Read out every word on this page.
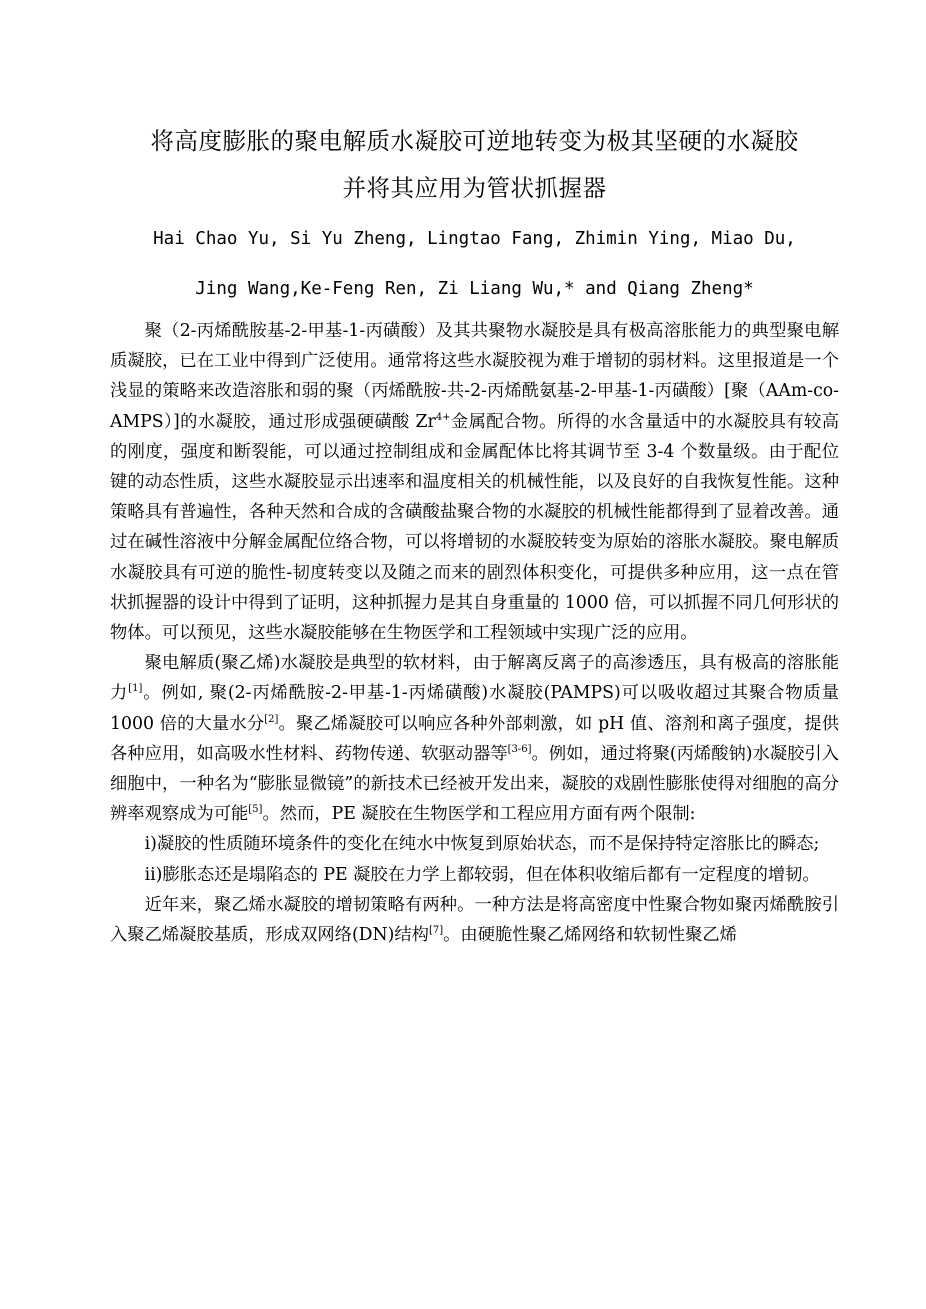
将高度膨胀的聚电解质水凝胶可逆地转变为极其坚硬的水凝胶
并将其应用为管状抓握器
Hai Chao Yu, Si Yu Zheng, Lingtao Fang, Zhimin Ying, Miao Du,
Jing Wang,Ke-Feng Ren, Zi Liang Wu,* and Qiang Zheng*

聚（2-丙烯酰胺基-2-甲基-1-丙磺酸）及其共聚物水凝胶是具有极高溶胀能力的典型聚电解质凝胶，已在工业中得到广泛使用。通常将这些水凝胶视为难于增韧的弱材料。这里报道是一个浅显的策略来改造溶胀和弱的聚（丙烯酰胺-共-2-丙烯酰氨基-2-甲基-1-丙磺酸）[聚（AAm-co-AMPS）]的水凝胶，通过形成强硬磺酸 $Zr^{4+}$金属配合物。所得的水含量适中的水凝胶具有较高的刚度，强度和断裂能，可以通过控制组成和金属配体比将其调节至 3-4 个数量级。由于配位键的动态性质，这些水凝胶显示出速率和温度相关的机械性能，以及良好的自我恢复性能。这种策略具有普遍性，各种天然和合成的含磺酸盐聚合物的水凝胶的机械性能都得到了显着改善。通过在碱性溶液中分解金属配位络合物，可以将增韧的水凝胶转变为原始的溶胀水凝胶。聚电解质水凝胶具有可逆的脆性-韧度转变以及随之而来的剧烈体积变化，可提供多种应用，这一点在管状抓握器的设计中得到了证明，这种抓握力是其自身重量的 1000 倍，可以抓握不同几何形状的物体。可以预见，这些水凝胶能够在生物医学和工程领域中实现广泛的应用。

聚电解质(聚乙烯)水凝胶是典型的软材料，由于解离反离子的高渗透压，具有极高的溶胀能力[1]。例如, 聚(2-丙烯酰胺-2-甲基-1-丙烯磺酸)水凝胶(PAMPS)可以吸收超过其聚合物质量 1000 倍的大量水分[2]。聚乙烯凝胶可以响应各种外部刺激，如 pH 值、溶剂和离子强度，提供各种应用，如高吸水性材料、药物传递、软驱动器等[3-6]。例如，通过将聚(丙烯酸钠)水凝胶引入细胞中，一种名为“膨胀显微镜”的新技术已经被开发出来，凝胶的戏剧性膨胀使得对细胞的高分辨率观察成为可能[5]。然而，PE 凝胶在生物医学和工程应用方面有两个限制:

i)凝胶的性质随环境条件的变化在纯水中恢复到原始状态，而不是保持特定溶胀比的瞬态;

ii)膨胀态还是塌陷态的 PE 凝胶在力学上都较弱，但在体积收缩后都有一定程度的增韧。

近年来，聚乙烯水凝胶的增韧策略有两种。一种方法是将高密度中性聚合物如聚丙烯酰胺引入聚乙烯凝胶基质，形成双网络(DN)结构[7]。由硬脆性聚乙烯网络和软韧性聚乙烯
